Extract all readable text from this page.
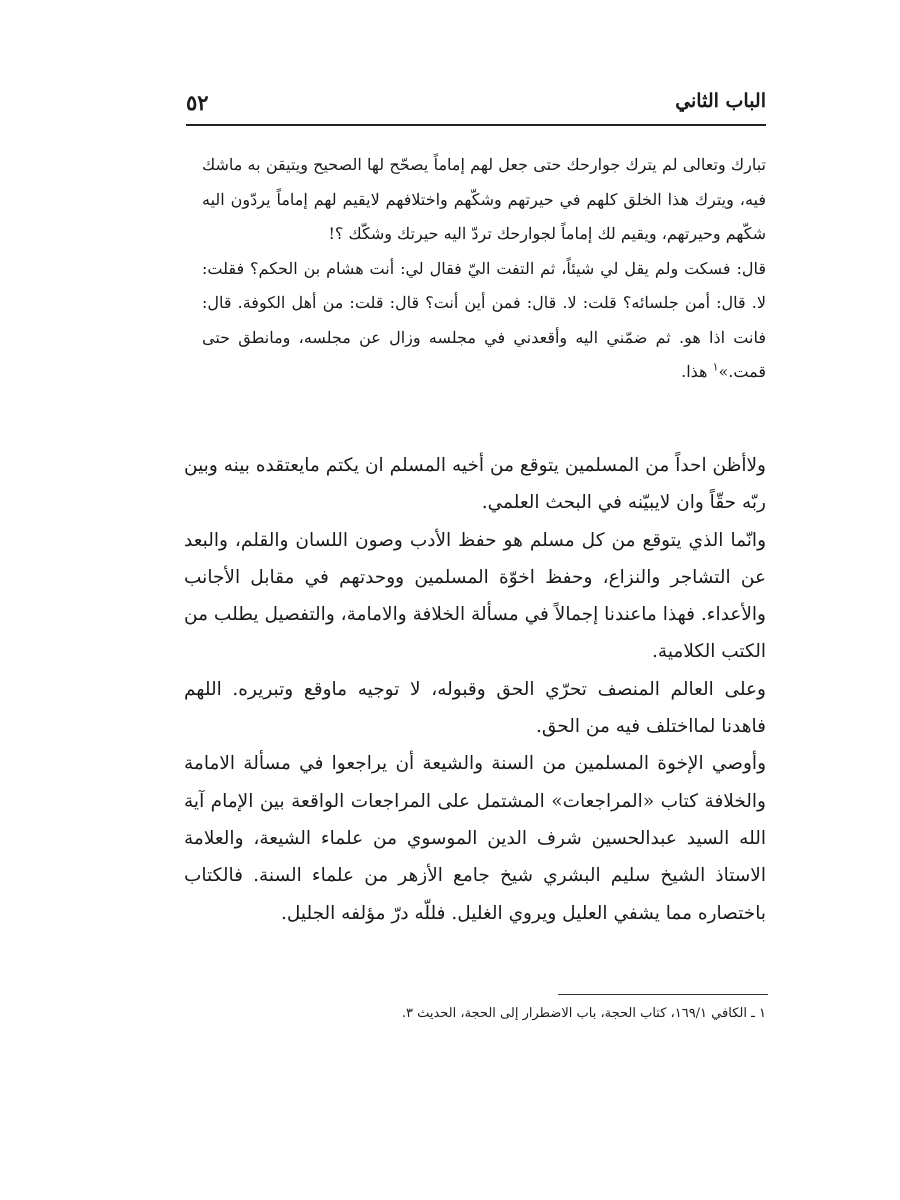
٥٢	الباب الثاني

تبارك وتعالى لم يترك جوارحك حتى جعل لهم إماماً يصحّح لها الصحيح ويتيقن به ماشك فيه، ويترك هذا الخلق كلهم في حيرتهم وشكّهم واختلافهم لايقيم لهم إماماً يردّون اليه شكّهم وحيرتهم، ويقيم لك إماماً لجوارحك تردّ اليه حيرتك وشكّك ؟!

قال: فسكت ولم يقل لي شيئاً، ثم التفت اليّ فقال لي: أنت هشام بن الحكم؟ فقلت: لا. قال: أمن جلسائه؟ قلت: لا. قال: فمن أين أنت؟ قال: قلت: من أهل الكوفة. قال: فانت اذا هو. ثم ضمّني اليه وأقعدني في مجلسه وزال عن مجلسه، ومانطق حتى قمت.»$^١$ هذا.

ولاأظن احداً من المسلمين يتوقع من أخيه المسلم ان يكتم مايعتقده بينه وبين ربّه حقّاً وان لايبيّنه في البحث العلمي.

وانّما الذي يتوقع من كل مسلم هو حفظ الأدب وصون اللسان والقلم، والبعد عن التشاجر والنزاع، وحفظ اخوّة المسلمين ووحدتهم في مقابل الأجانب والأعداء. فهذا ماعندنا إجمالاً في مسألة الخلافة والامامة، والتفصيل يطلب من الكتب الكلامية.

وعلى العالم المنصف تحرّي الحق وقبوله، لا توجيه ماوقع وتبريره. اللهم فاهدنا لمااختلف فيه من الحق.

وأوصي الإخوة المسلمين من السنة والشيعة أن يراجعوا في مسألة الامامة والخلافة كتاب «المراجعات» المشتمل على المراجعات الواقعة بين الإمام آية الله السيد عبدالحسين شرف الدين الموسوي من علماء الشيعة، والعلامة الاستاذ الشيخ سليم البشري شيخ جامع الأزهر من علماء السنة. فالكتاب باختصاره مما يشفي العليل ويروي الغليل. فللّه درّ مؤلفه الجليل.

١ ـ الكافي ١٦٩/١، كتاب الحجة، باب الاضطرار إلى الحجة، الحديث ٣.
